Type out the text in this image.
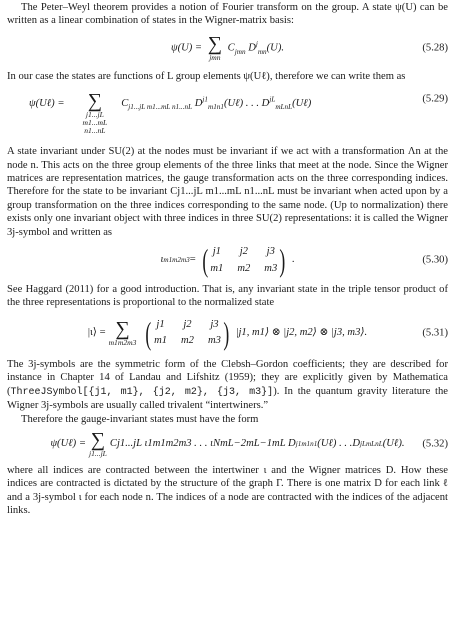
The Peter–Weyl theorem provides a notion of Fourier transform on the group. A state ψ(U) can be written as a linear combination of states in the Wigner-matrix basis:

ψ(U) = ∑
jmn
$C_{jmn}$ $D^j_{mn}(U)$.	(5.28)

In our case the states are functions of L group elements ψ(Uℓ), therefore we can write them as

ψ(Uℓ) = ∑
j1...jL
m1...mL
n1...nL
$C_{j1...jL m1...mL n1...nL}$ $D^{j1}_{m1n1}(U\ell)$ . . . $D^{jL}_{mLnL}(U\ell)$	(5.29)

A state invariant under SU(2) at the nodes must be invariant if we act with a transformation Λn at the node n. This acts on the three group elements of the three links that meet at the node. Since the Wigner matrices are representation matrices, the gauge transformation acts on the three corresponding indices. Therefore for the state to be invariant Cj1...jL m1...mL n1...nL must be invariant when acted upon by a group transformation on the three indices corresponding to the same node. (Up to normalization) there exists only one invariant object with three indices in three SU(2) representations: it is called the Wigner 3j-symbol and written as

ι m1m2m3 = ( j1 j2 j3
m1 m2 m3 ) .	(5.30)

See Haggard (2011) for a good introduction. That is, any invariant state in the triple tensor product of the three representations is proportional to the normalized state

|ι⟩ = ∑
m1m2m3 ( j1 j2 j3
m1 m2 m3 ) |j1, m1⟩ ⊗ |j2, m2⟩ ⊗ |j3, m3⟩.	(5.31)

The 3j-symbols are the symmetric form of the Clebsh–Gordon coefficients; they are described for instance in Chapter 14 of Landau and Lifshitz (1959); they are explicitly given by Mathematica (ThreeJSymbol[{j1, m1}, {j2, m2}, {j3, m3}]). In the quantum gravity literature the Wigner 3j-symbols are usually called trivalent “intertwiners.”

Therefore the gauge-invariant states must have the form

ψ(Uℓ) = ∑
j1...jL
Cj1...jL ι1m1m2m3 . . . ιNmL−2mL−1mL D j1 m1n1 (Uℓ) . . . D jL mLnL (Uℓ). (5.32)

where all indices are contracted between the intertwiner ι and the Wigner matrices D. How these indices are contracted is dictated by the structure of the graph Γ. There is one matrix D for each link ℓ and a 3j-symbol ι for each node n. The indices of a node are contracted with the indices of the adjacent links.
